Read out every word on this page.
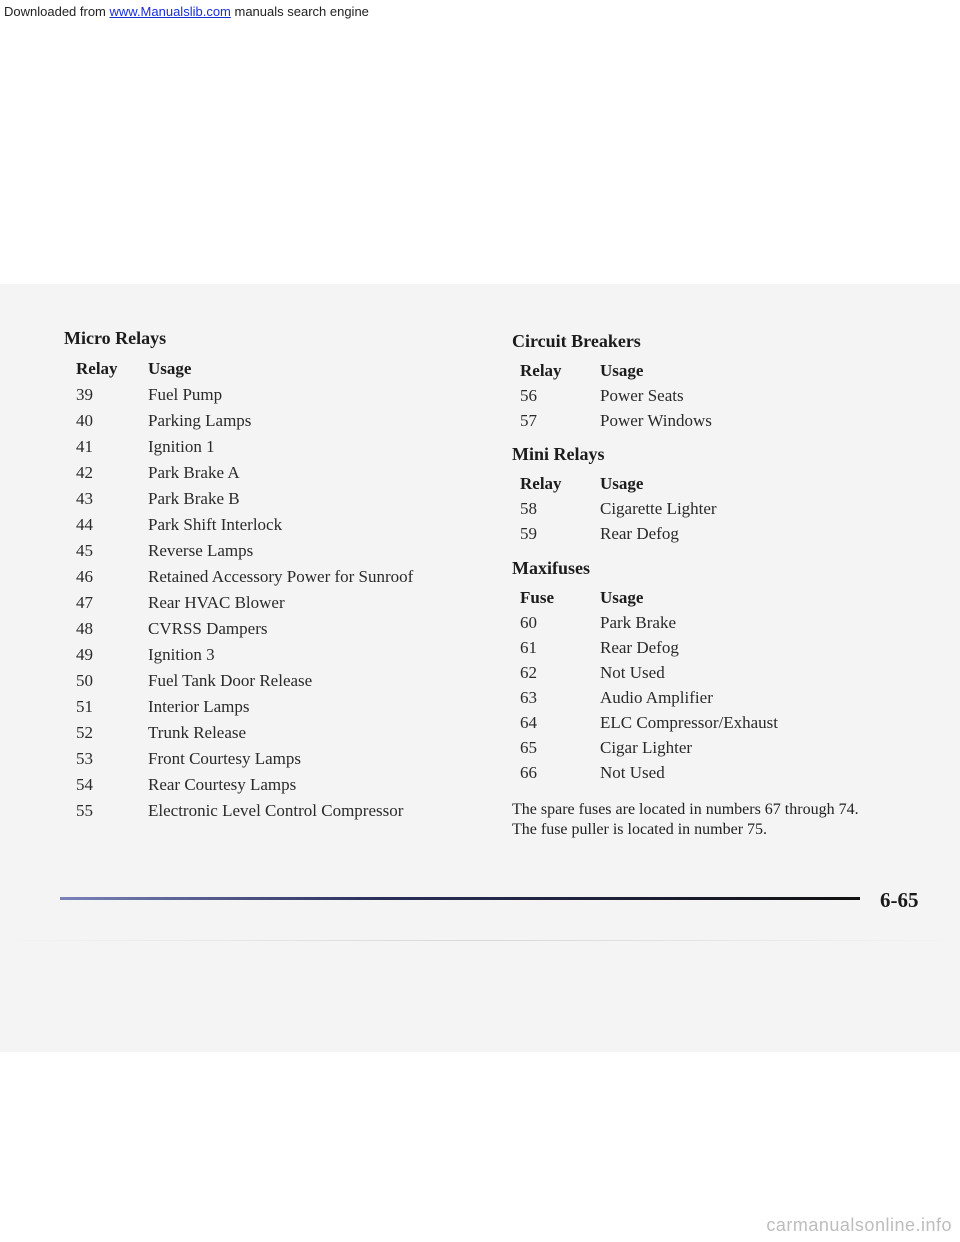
Downloaded from www.Manualslib.com manuals search engine
Micro Relays
Relay	Usage
39	Fuel Pump
40	Parking Lamps
41	Ignition 1
42	Park Brake A
43	Park Brake B
44	Park Shift Interlock
45	Reverse Lamps
46	Retained Accessory Power for Sunroof
47	Rear HVAC Blower
48	CVRSS Dampers
49	Ignition 3
50	Fuel Tank Door Release
51	Interior Lamps
52	Trunk Release
53	Front Courtesy Lamps
54	Rear Courtesy Lamps
55	Electronic Level Control Compressor
Circuit Breakers
Relay	Usage
56	Power Seats
57	Power Windows
Mini Relays
Relay	Usage
58	Cigarette Lighter
59	Rear Defog
Maxifuses
Fuse	Usage
60	Park Brake
61	Rear Defog
62	Not Used
63	Audio Amplifier
64	ELC Compressor/Exhaust
65	Cigar Lighter
66	Not Used
The spare fuses are located in numbers 67 through 74.
The fuse puller is located in number 75.
6-65
carmanualsonline.info
